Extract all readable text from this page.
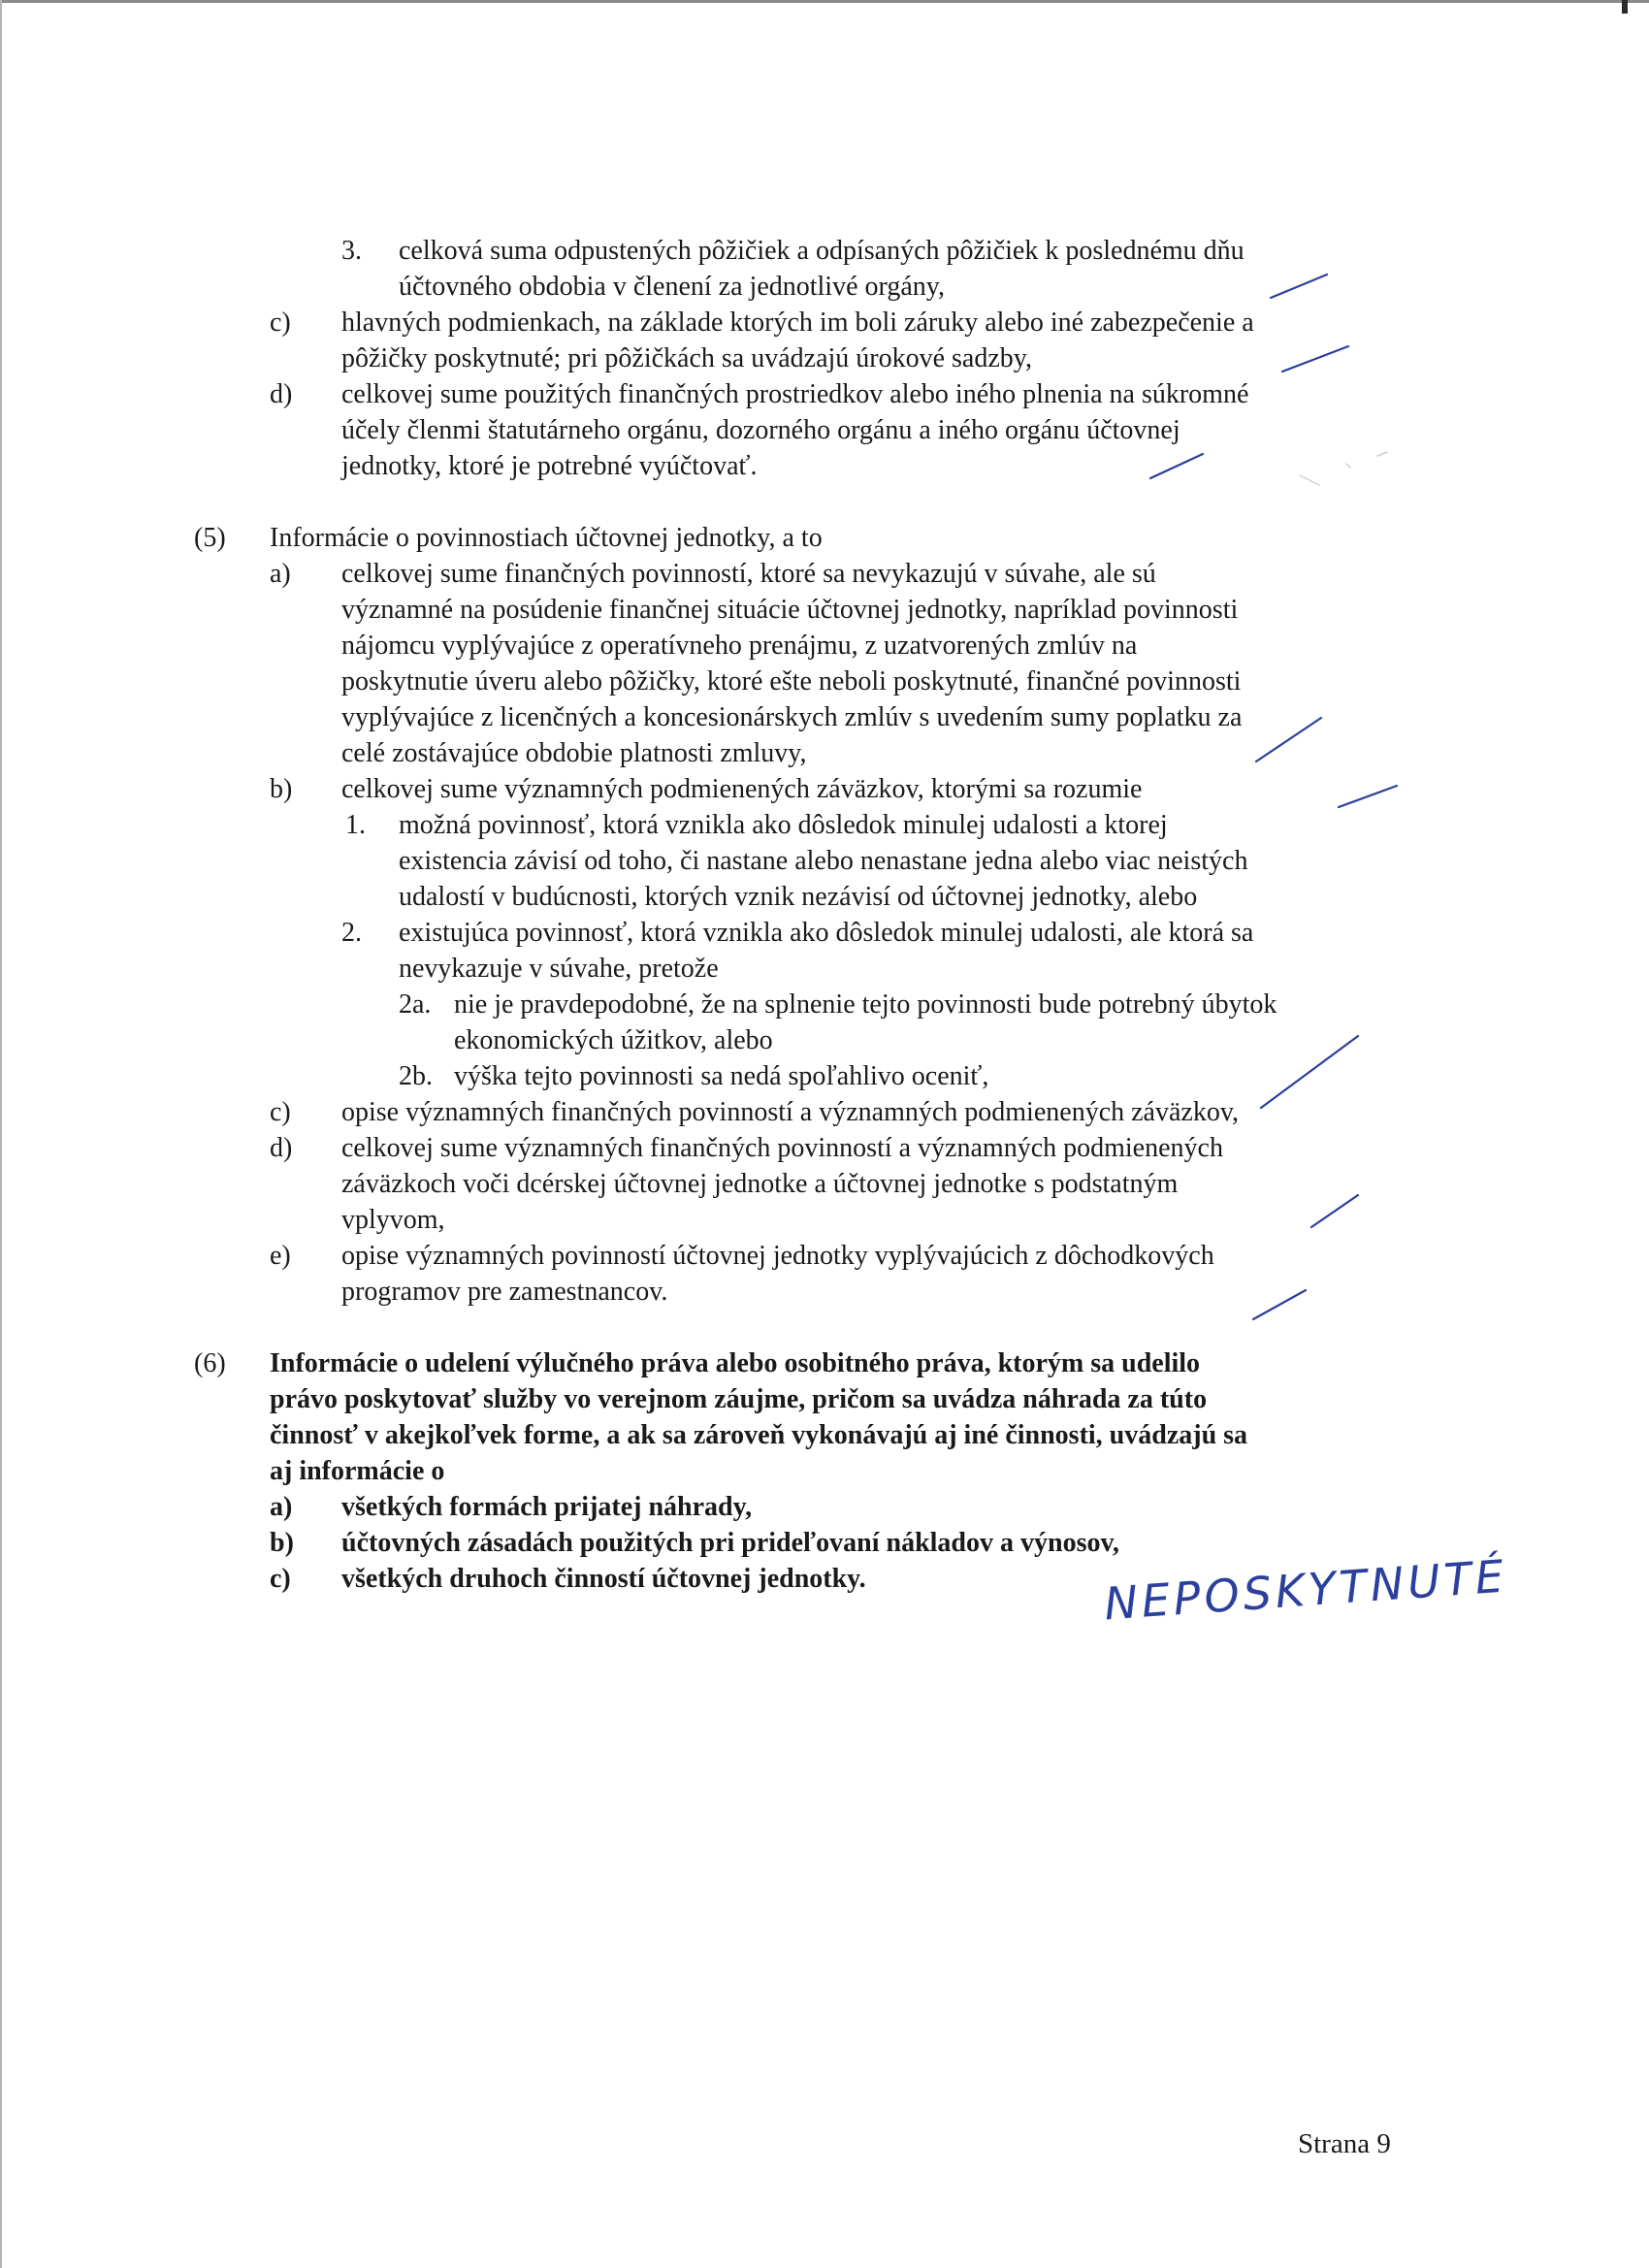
3. celková suma odpustených pôžičiek a odpísaných pôžičiek k poslednému dňu
účtovného obdobia v členení za jednotlivé orgány,
c) hlavných podmienkach, na základe ktorých im boli záruky alebo iné zabezpečenie a
pôžičky poskytnuté; pri pôžičkách sa uvádzajú úrokové sadzby,
d) celkovej sume použitých finančných prostriedkov alebo iného plnenia na súkromné
účely členmi štatutárneho orgánu, dozorného orgánu a iného orgánu účtovnej
jednotky, ktoré je potrebné vyúčtovať.
(5) Informácie o povinnostiach účtovnej jednotky, a to
a) celkovej sume finančných povinností, ktoré sa nevykazujú v súvahe, ale sú
významné na posúdenie finančnej situácie účtovnej jednotky, napríklad povinnosti
nájomcu vyplývajúce z operatívneho prenájmu, z uzatvorených zmlúv na
poskytnutie úveru alebo pôžičky, ktoré ešte neboli poskytnuté, finančné povinnosti
vyplývajúce z licenčných a koncesionárskych zmlúv s uvedením sumy poplatku za
celé zostávajúce obdobie platnosti zmluvy,
b) celkovej sume významných podmienených záväzkov, ktorými sa rozumie
1. možná povinnosť, ktorá vznikla ako dôsledok minulej udalosti a ktorej
existencia závisí od toho, či nastane alebo nenastane jedna alebo viac neistých
udalostí v budúcnosti, ktorých vznik nezávisí od účtovnej jednotky, alebo
2. existujúca povinnosť, ktorá vznikla ako dôsledok minulej udalosti, ale ktorá sa
nevykazuje v súvahe, pretože
2a. nie je pravdepodobné, že na splnenie tejto povinnosti bude potrebný úbytok
ekonomických úžitkov, alebo
2b. výška tejto povinnosti sa nedá spoľahlivo oceniť,
c) opise významných finančných povinností a významných podmienených záväzkov,
d) celkovej sume významných finančných povinností a významných podmienených
záväzkoch voči dcérskej účtovnej jednotke a účtovnej jednotke s podstatným
vplyvom,
e) opise významných povinností účtovnej jednotky vyplývajúcich z dôchodkových
programov pre zamestnancov.
(6) Informácie o udelení výlučného práva alebo osobitného práva, ktorým sa udelilo
právo poskytovať služby vo verejnom záujme, pričom sa uvádza náhrada za túto
činnosť v akejkoľvek forme, a ak sa zároveň vykonávajú aj iné činnosti, uvádzajú sa
aj informácie o
a) všetkých formách prijatej náhrady,
b) účtovných zásadách použitých pri prideľovaní nákladov a výnosov,
c) všetkých druhoch činností účtovnej jednotky.	NEPOSKYTNUTÉ
Strana 9
